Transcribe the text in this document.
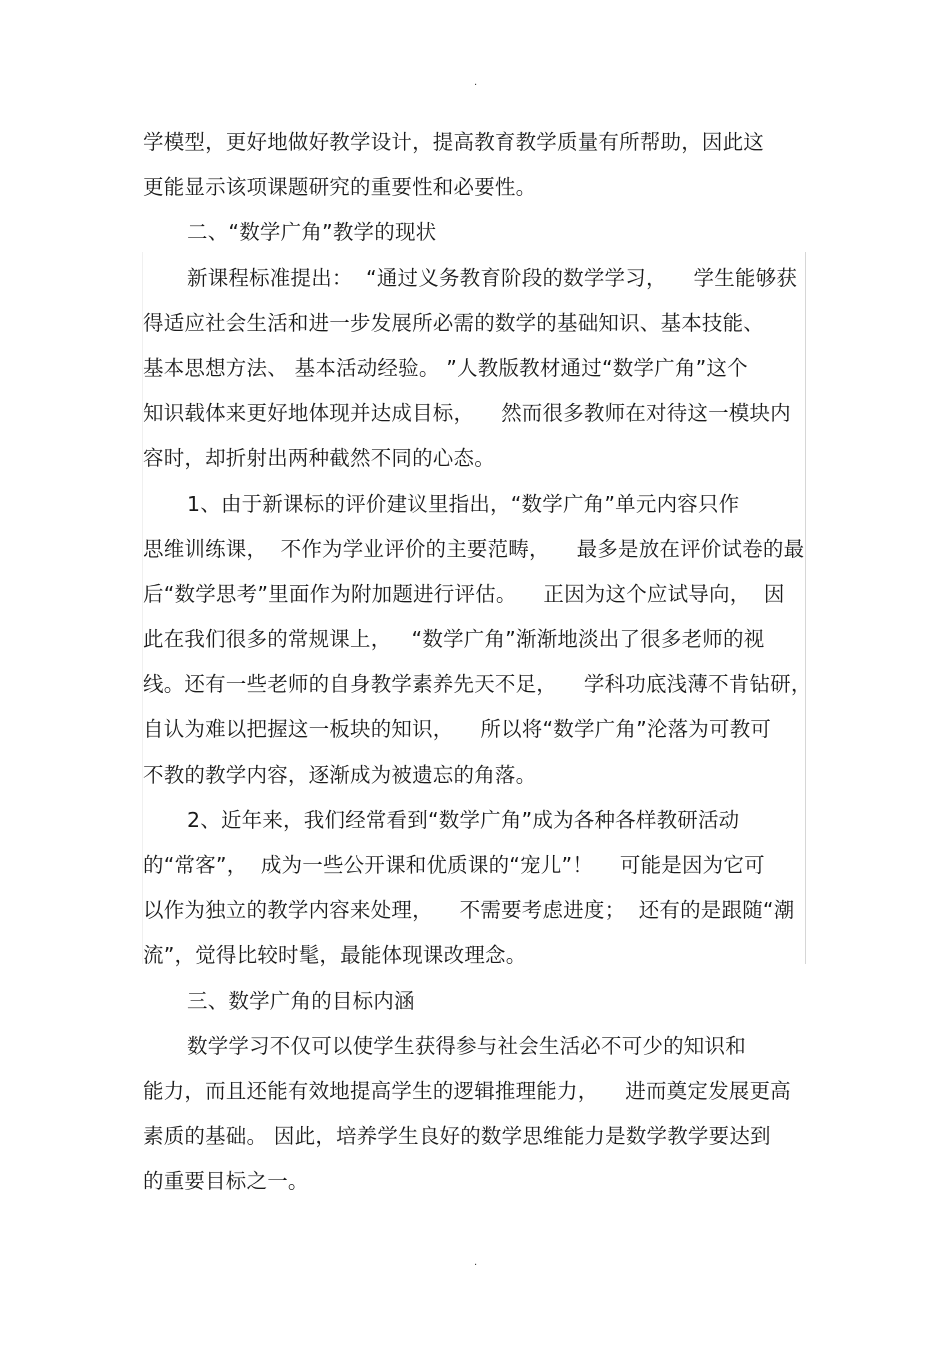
.
学模型，更好地做好教学设计，提高教育教学质量有所帮助，因此这
更能显示该项课题研究的重要性和必要性。
二、“数学广角”教学的现状
新课程标准提出：  “通过义务教育阶段的数学学习，    学生能够获
得适应社会生活和进一步发展所必需的数学的基础知识、基本技能、
基本思想方法、 基本活动经验。 ”人教版教材通过“数学广角”这个
知识载体来更好地体现并达成目标，    然而很多教师在对待这一模块内
容时，却折射出两种截然不同的心态。
1、由于新课标的评价建议里指出，“数学广角”单元内容只作
思维训练课，  不作为学业评价的主要范畴，    最多是放在评价试卷的最
后“数学思考”里面作为附加题进行评估。    正因为这个应试导向，  因
此在我们很多的常规课上，   “数学广角”渐渐地淡出了很多老师的视
线。还有一些老师的自身教学素养先天不足，    学科功底浅薄不肯钻研，
自认为难以把握这一板块的知识，    所以将“数学广角”沦落为可教可
不教的教学内容，逐渐成为被遗忘的角落。
2、近年来，我们经常看到“数学广角”成为各种各样教研活动
的“常客”，  成为一些公开课和优质课的“宠儿”！    可能是因为它可
以作为独立的教学内容来处理，    不需要考虑进度；  还有的是跟随“潮
流”，觉得比较时髦，最能体现课改理念。
三、数学广角的目标内涵
数学学习不仅可以使学生获得参与社会生活必不可少的知识和
能力，而且还能有效地提高学生的逻辑推理能力，    进而奠定发展更高
素质的基础。 因此，培养学生良好的数学思维能力是数学教学要达到
的重要目标之一。
.
